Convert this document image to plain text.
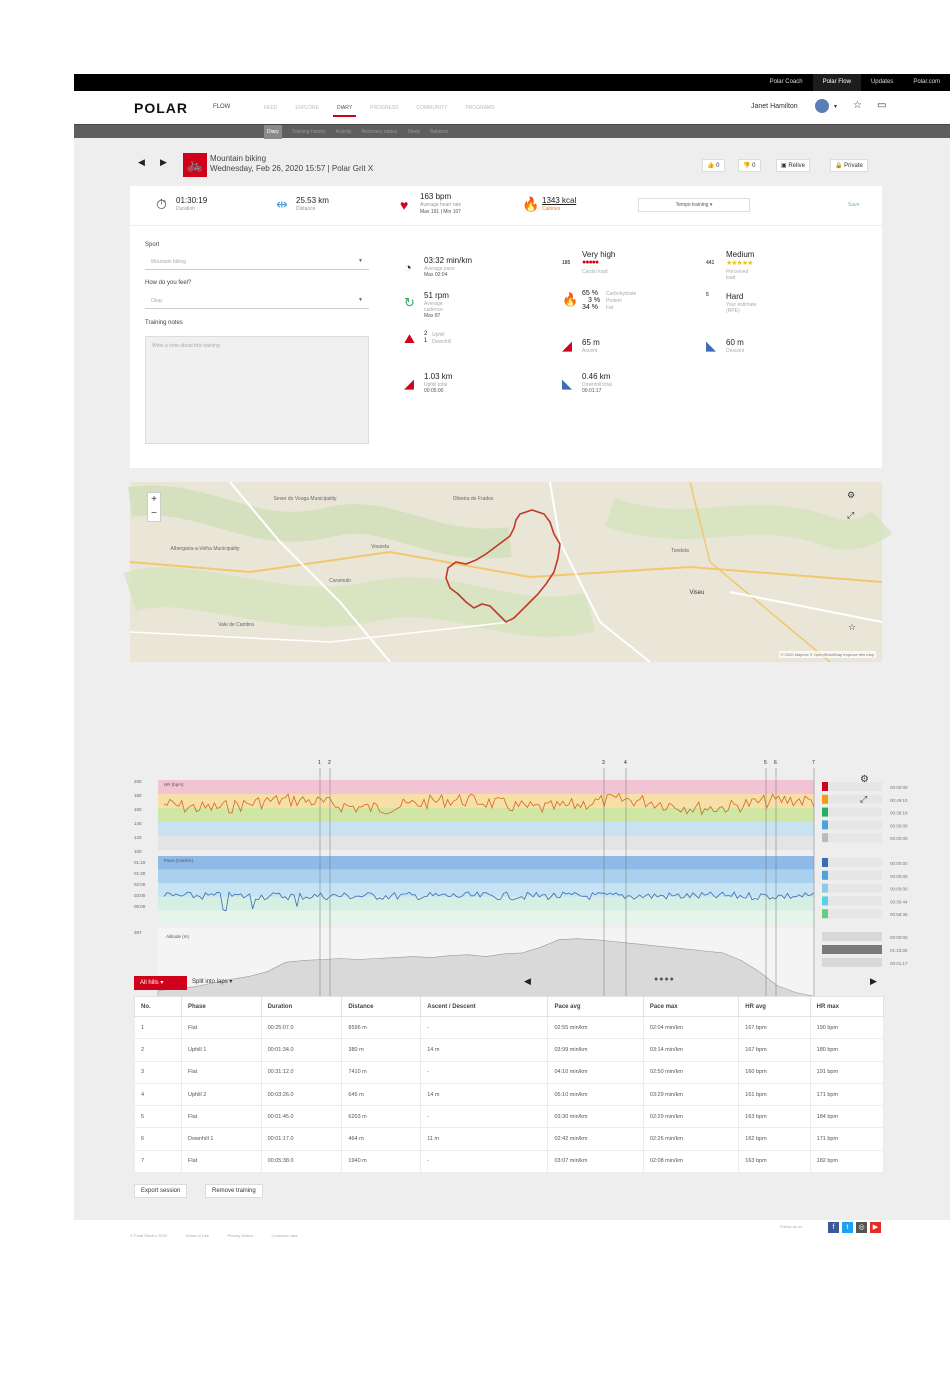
Polar Coach	Polar Flow	Updates	Polar.com
POLAR	FLOW	FEED	EXPLORE	DIARY	PROGRESS	COMMUNITY	PROGRAMS	Janet Hamilton	▾ ☆ ▭
Diary	Training history Activity Recovery status Sleep Balance
◀ ▶	🚲 Mountain biking
Wednesday, Feb 26, 2020 15:57 | Polar Grit X	👍 0	👎 0	▣ Relive	🔒 Private
⏱ 01:30:19
Duration	⇹ 25.53 km
Distance	♥
163 bpm
Average heart rate
Max 191 | Min 107	🔥 1343 kcal
Calories
Tempo training ▾	Save
Sport
Mountain biking	▼
How do you feel?
Okay	▼
Training notes
Write a note about this training
◔ 03:32 min/km
Average pace
Max 02:04
↻ 51 rpm
Average
cadence
Max 87
⛰ 2 Uphill
1 Downhill
◢ 1.03 km
Uphill total
00:05:00
185
Very high
●●●●●
Cardio load
🔥 65 % Carbohydrate
3 % Protein
34 % Fat
◢ 65 m
Ascent
◣ 0.46 km
Downhill total
00:01:17
441
Medium
★★★★★
Perceived
load
5 Hard
Your estimate
(RPE)
◣ 60 m
Descent
+
−
Sever do Vouga Municipality	Oliveira de Frades
Albergaria-a-Velha Municipality	Vouzela
Tondela
Viseu
Vale de Cambra
Caramulo
⚙
⤢
☆
© 2020 Mapbox © OpenStreetMap Improve this map
200
180
160
140
120
100
HR (bpm)
01:10
01:30
02:00
03:00
06:00
Pace (min/km)
397
Altitude (m)
1 2	3	4	5 6	7
00:00:00
00:49:10
00:39:18
00:00:00
00:00:00
00:00:00
00:00:00
00:00:00
00:30:44
00:59:35
00:00:00
01:23:08
00:01:17
⚙
⤢
All hills ▾	Split into laps ▾	◀	●●●●●●●●●●	▶
No.	Phase	Duration	Distance	Ascent / Descent	Pace avg	Pace max	HR avg	HR max
1	Flat	00:25:07.0	8596 m	-	02:55 min/km	02:04 min/km	167 bpm	190 bpm
2	Uphill 1	00:01:34.0	380 m	14 m	03:99 min/km	03:14 min/km	167 bpm	180 bpm
3	Flat	00:31:12.0	7410 m	-	04:10 min/km	02:50 min/km	160 bpm	191 bpm
4	Uphill 2	00:03:26.0	645 m	14 m	05:10 min/km	03:29 min/km	161 bpm	171 bpm
5	Flat	00:01:45.0	6203 m	-	03:30 min/km	02:29 min/km	163 bpm	184 bpm
6	Downhill 1	00:01:17.0	464 m	11 m	02:42 min/km	02:26 min/km	162 bpm	171 bpm
7	Flat	00:05:38.0	1940 m	-	03:07 min/km	02:08 min/km	163 bpm	182 bpm
Export session	Remove training
© Polar Electro 2020	Terms of Use	Privacy Notice	Customer care
Follow us on	f	t	◎	▶
